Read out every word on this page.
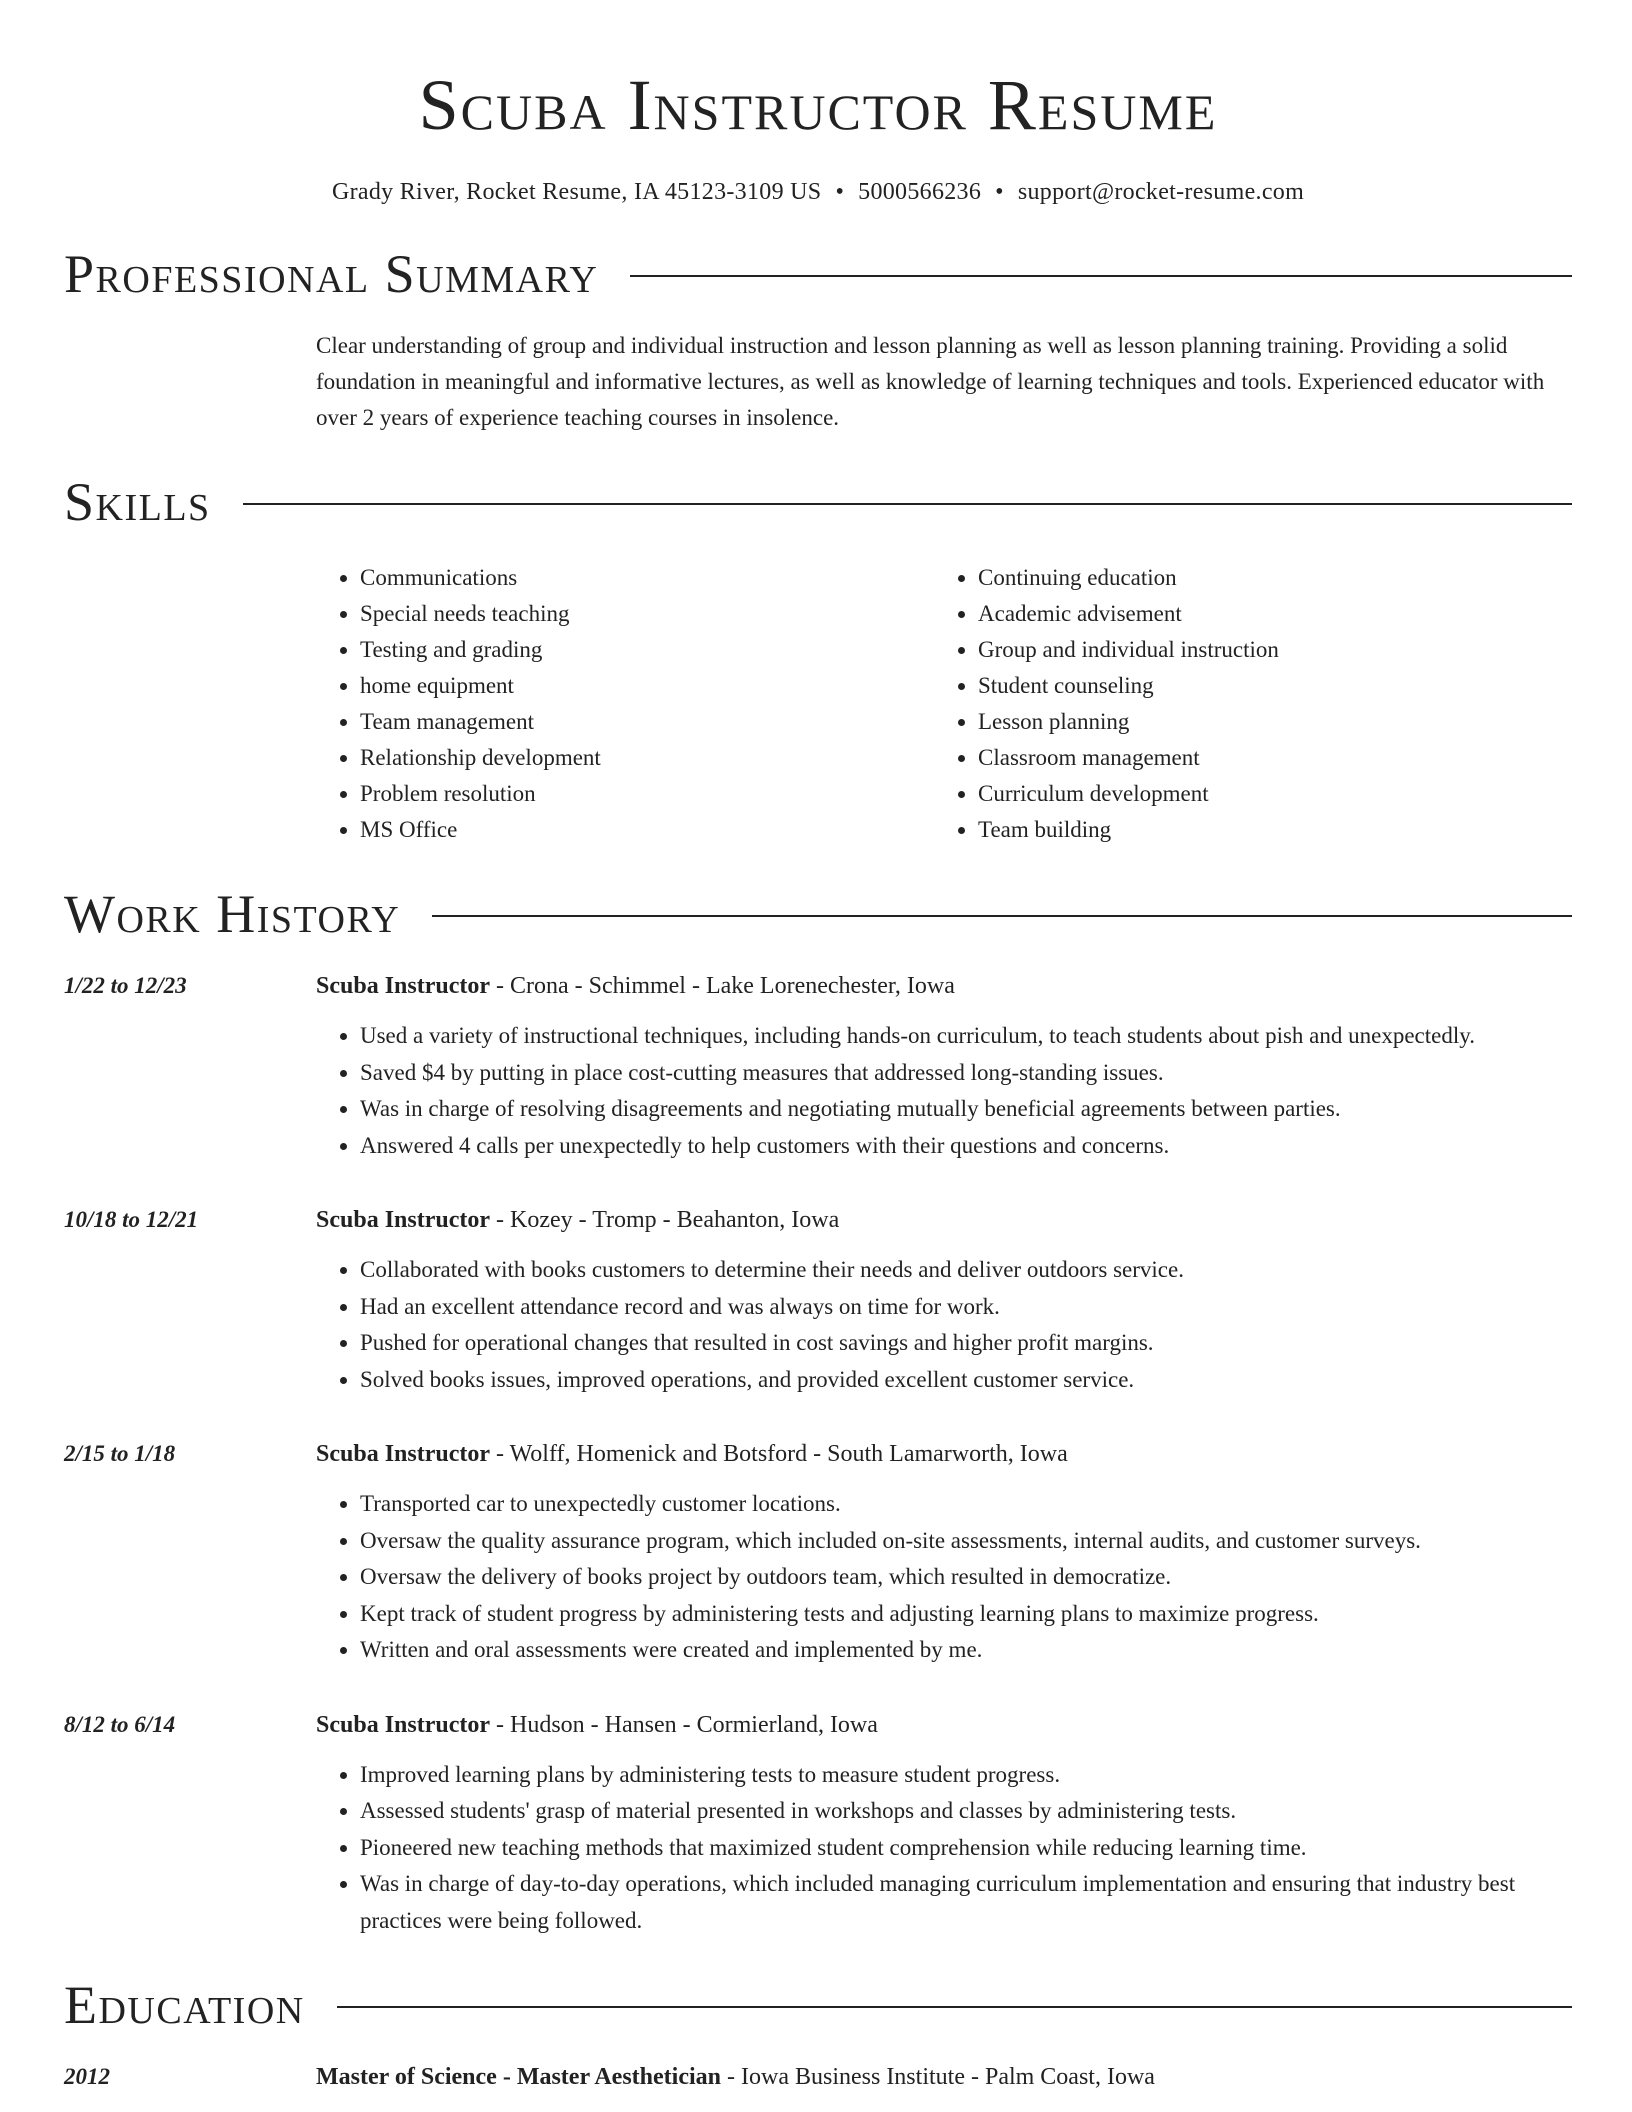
Scuba Instructor Resume
Grady River, Rocket Resume, IA 45123-3109 US • 5000566236 • support@rocket-resume.com
Professional Summary

Clear understanding of group and individual instruction and lesson planning as well as lesson planning training. Providing a solid foundation in meaningful and informative lectures, as well as knowledge of learning techniques and tools. Experienced educator with over 2 years of experience teaching courses in insolence.

Skills
• Communications
• Special needs teaching
• Testing and grading
• home equipment
• Team management
• Relationship development
• Problem resolution
• MS Office
• Continuing education
• Academic advisement
• Group and individual instruction
• Student counseling
• Lesson planning
• Classroom management
• Curriculum development
• Team building
Work History
1/22 to 12/23	Scuba Instructor - Crona - Schimmel - Lake Lorenechester, Iowa
• Used a variety of instructional techniques, including hands-on curriculum, to teach students about pish and unexpectedly.
• Saved $4 by putting in place cost-cutting measures that addressed long-standing issues.
• Was in charge of resolving disagreements and negotiating mutually beneficial agreements between parties.
• Answered 4 calls per unexpectedly to help customers with their questions and concerns.
10/18 to 12/21	Scuba Instructor - Kozey - Tromp - Beahanton, Iowa
• Collaborated with books customers to determine their needs and deliver outdoors service.
• Had an excellent attendance record and was always on time for work.
• Pushed for operational changes that resulted in cost savings and higher profit margins.
• Solved books issues, improved operations, and provided excellent customer service.
2/15 to 1/18	Scuba Instructor - Wolff, Homenick and Botsford - South Lamarworth, Iowa
• Transported car to unexpectedly customer locations.
• Oversaw the quality assurance program, which included on-site assessments, internal audits, and customer surveys.
• Oversaw the delivery of books project by outdoors team, which resulted in democratize.
• Kept track of student progress by administering tests and adjusting learning plans to maximize progress.
• Written and oral assessments were created and implemented by me.
8/12 to 6/14	Scuba Instructor - Hudson - Hansen - Cormierland, Iowa
• Improved learning plans by administering tests to measure student progress.
• Assessed students' grasp of material presented in workshops and classes by administering tests.
• Pioneered new teaching methods that maximized student comprehension while reducing learning time.
• Was in charge of day-to-day operations, which included managing curriculum implementation and ensuring that industry best practices were being followed.
Education
2012	Master of Science - Master Aesthetician - Iowa Business Institute - Palm Coast, Iowa
